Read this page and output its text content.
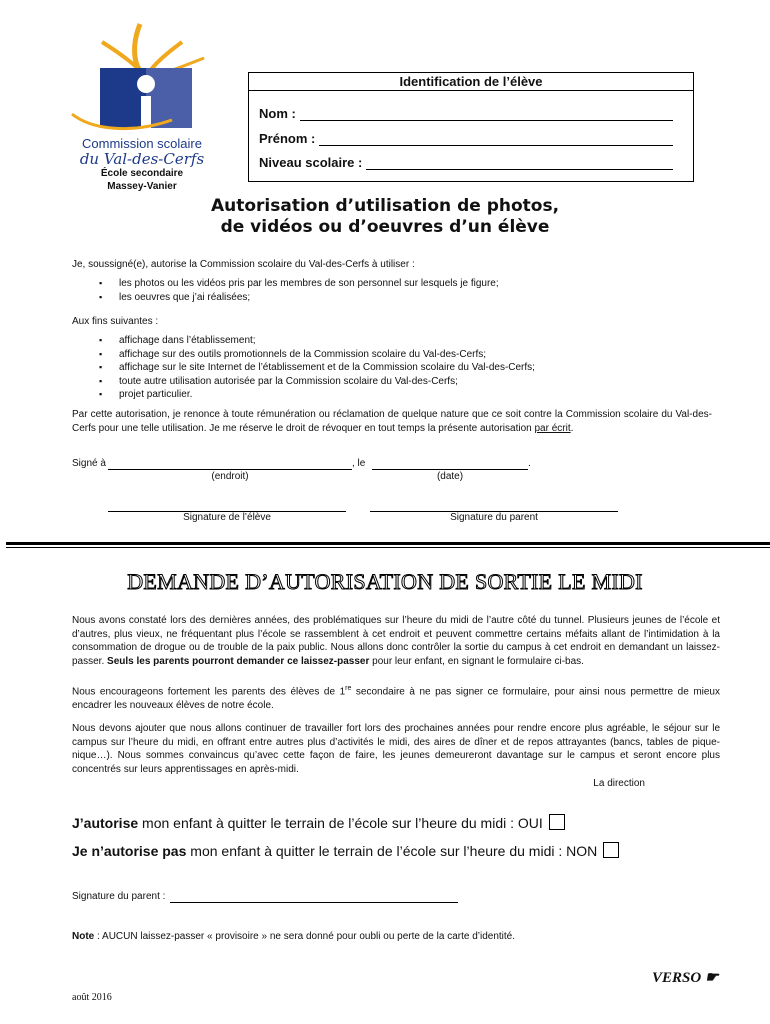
Commission scolaire
du Val-des-Cerfs
École secondaire
Massey-Vanier
Identification de l’élève
Nom :
Prénom :
Niveau scolaire :
Autorisation d’utilisation de photos,
de vidéos ou d’oeuvres d’un élève
Je, soussigné(e), autorise la Commission scolaire du Val-des-Cerfs à utiliser :
▪ les photos ou les vidéos pris par les membres de son personnel sur lesquels je figure;
▪ les oeuvres que j’ai réalisées;
Aux fins suivantes :
▪ affichage dans l’établissement;
▪ affichage sur des outils promotionnels de la Commission scolaire du Val-des-Cerfs;
▪ affichage sur le site Internet de l’établissement et de la Commission scolaire du Val-des-Cerfs;
▪ toute autre utilisation autorisée par la Commission scolaire du Val-des-Cerfs;
▪ projet particulier.
Par cette autorisation, je renonce à toute rémunération ou réclamation de quelque nature que ce soit contre la Commission scolaire du Val-des-Cerfs pour une telle utilisation. Je me réserve le droit de révoquer en tout temps la présente autorisation par écrit.
Signé à	, le	.
(endroit)	(date)
Signature de l’élève	Signature du parent
DEMANDE D’AUTORISATION DE SORTIE LE MIDI
Nous avons constaté lors des dernières années, des problématiques sur l’heure du midi de l’autre côté du tunnel. Plusieurs jeunes de l’école et d’autres, plus vieux, ne fréquentant plus l’école se rassemblent à cet endroit et peuvent commettre certains méfaits allant de l’intimidation à la consommation de drogue ou de trouble de la paix public. Nous allons donc contrôler la sortie du campus à cet endroit en demandant un laissez-passer. Seuls les parents pourront demander ce laissez-passer pour leur enfant, en signant le formulaire ci-bas.
Nous encourageons fortement les parents des élèves de 1re secondaire à ne pas signer ce formulaire, pour ainsi nous permettre de mieux encadrer les nouveaux élèves de notre école.
Nous devons ajouter que nous allons continuer de travailler fort lors des prochaines années pour rendre encore plus agréable, le séjour sur le campus sur l’heure du midi, en offrant entre autres plus d’activités le midi, des aires de dîner et de repos attrayantes (bancs, tables de pique-nique…). Nous sommes convaincus qu’avec cette façon de faire, les jeunes demeureront davantage sur le campus et seront encore plus concentrés sur leurs apprentissages en après-midi.
La direction
J’autorise mon enfant à quitter le terrain de l’école sur l’heure du midi : OUI
Je n’autorise pas mon enfant à quitter le terrain de l’école sur l’heure du midi : NON
Signature du parent :
Note : AUCUN laissez-passer « provisoire » ne sera donné pour oubli ou perte de la carte d’identité.
VERSO ☛
août 2016
